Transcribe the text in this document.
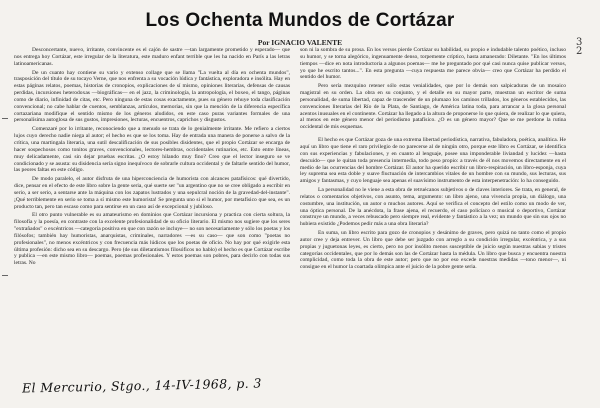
Los Ochenta Mundos de Cortázar
Por IGNACIO VALENTE

Desconcertante, nuevo, irritante, convincente es el cajón de sastre —tan largamente prometido y esperado— que nos entrega hoy Cortázar, este irregular de la literatura, este maduro enfant terrible que les ha nacido en París a las letras latinoamericanas.

De un cuanto hay contiene su vario y extenso collage que se llama "La vuelta al día en ochenta mundos", trasposición del título de su tocayo Verne, que nos enfrenta a su vocación lúdica y fantástica, exploradora e insólita. Hay en estas páginas relatos, poemas, historias de cronopios, explicaciones de sí mismo, opiniones literarias, defensas de causas perdidas, incursiones heterodoxas —biográficas— en el jazz, la criminología, la antropología, el boxeo, el tango, páginas como de diario, infinidad de citas, etc. Pero ninguna de estas cosas exactamente, pues su género rehuye toda clasificación convencional; no cabe hablar de cuentos, semblanzas, artículos, memorias, sin que la mención de la diferencia específica cortazariana modifique el sentido mismo de los géneros aludidos, en este caso puras variantes formales de una personalísima autoglosa de sus gustos, impresiones, lecturas, encuentros, caprichos y disgustos.

Comenzaré por lo irritante, reconociendo que a menudo se trata de lo genialmente irritante. Me refiero a ciertos lujos cuyo derecho nadie niega al autor; el hecho es que se los toma. Hay de entrada una manera de ponerse a salvo de la crítica, una martingala literaria, una sutil descalificación de sus posibles disidentes, que el propio Cortázar se encarga de hacer sospechosos como tonitos graves, convencionales, lectores-hembras, occidentales rutinarios, etc. Esto entre líneas, muy delicadamente, casi sin dejar pruebas escritas. ¿O estoy hilando muy fino? Creo que el lector inseguro se ve condicionado y se asusta: su disidencia sería signo inequívoco de sobrarle cultura occidental y de faltarle sentido del humor, las peores faltas en este código.

De modo paralelo, el autor disfruta de una hiperconciencia de humorista con alcances patafísicos: qué divertido, dice, pensar en el efecto de este libro sobre la gente seria, qué suerte ser "un argentino que no se cree obligado a escribir en serio, a ser serio, a sentarse ante la máquina con los zapatos lustrados y una sepulcral noción de la gravedad-del-instante". ¡Qué terriblemente en serio se toma a sí mismo este humorista! Se pregunta uno si el humor, por metafísico que sea, es un producto tan, pero tan escaso como para sentirse en un caso así de excepcional y jubiloso.

El otro punto vulnerable es su amateurismo en dominios que Cortázar incursiona y practica con cierta soltura, la filosofía y la poesía, en contraste con la excelente profesionalidad de su oficio literario. El mismo nos sugiere que los seres "extrañados" o excéntricos —categoría positiva en que con razón se incluye— no son necesariamente y sólo los poetas y los filósofos; también hay humoristas, anarquistas, criminales, narradores —es su caso— que son como "poetas no profesionales", no menos excéntricos y con frecuencia más lúdicos que los poetas de oficio. No hay por qué exigirle esta última profesión: dicho sea en su descargo. Pero (de sus diletantismos filosóficos no hablo) el hecho es que Cortázar escribe y publica —en este mismo libro— poemas, poemas profesionales. Y estos poemas son pobres, para decirlo con todas sus letras. No

son ni la sombra de su prosa. En los versos pierde Cortázar su habilidad, su propio e indudable talento poético, incluso su humor, y se torna alegórico, ingenuamente denso, torpemente críptico, hasta amanerado: Diletante. "En los últimos tiempos —dice en nota introductoria a algunos poemas— me he preguntado por qué casi nunca quise publicar versos, yo que he escrito tantos...". En esta pregunta —cuya respuesta me parece obvia— creo que Cortázar ha perdido el sentido del humor.

Pero sería mezquino retener sólo estas venialidades, que por lo demás son salpicaduras de un mosaico magistral en su orden. La obra en su conjunto, y el detalle en su mayor parte, muestran un escritor de suma personalidad, de suma libertad, capaz de trascender de un plumazo los caminos trillados, los géneros establecidos, las convenciones literarias del Río de la Plata, de Santiago, de América latina toda, para arrancar a la glosa personal acentos inusuales en el continente. Cortázar ha llegado a la altura de proponerse lo que quiera, de realizar lo que quiera, al menos en este género menor del periodismo patafísico. ¿O es un género mayor? Que se me perdone la rutina occidental de mis esquemas.

El hecho es que Cortázar goza de una extrema libertad periodística, narrativa, fabuladora, poética, analítica. He aquí un libro que tiene el raro privilegio de no parecerse al de ningún otro, porque este libro es Cortázar, se identifica con sus experiencias y fabulaciones, y en cuanto al lenguaje, posee una imponderable liviandad y lucidez —hasta descuido— que le quitan toda presencia intermedia, todo peso propio: a través de él nos movemos directamente en el medio de las ocurrencias del hombre Cortázar. El autor ha querido escribir un libro-respiración, un libro-esponja, cuya ley suprema sea esta doble y suave fluctuación de intercambios vitales de un hombre con su mundo, sus lecturas, sus amigos y fantasmas, y cuyo lenguaje sea apenas el suavísimo instrumento de esta interpenetración: lo ha conseguido.

La personalidad no le viene a esta obra de retruécanos subjetivos o de claves interiores. Se trata, en general, de relatos o comentarios objetivos, con asunto, tema, argumento: un libro ajeno, una vivencia propia, un diálogo, una costumbre, una institución, un autor o muchos autores. Aquí se verifica el concepto del estilo como un modo de ver, una óptica personal. De la anécdota, la frase ajena, el recuerdo, el caso policíaco o musical o deportivo, Cortázar construye un mundo, a veces rebuscado pero siempre real, evidente y fantástico a la vez; un mundo que sin sus ojos no hubiera existido ¿Podemos pedir más a una obra literaria?

En suma, un libro escrito para gozo de cronopios y desánimo de graves, pero quizá no tanto como el propio autor cree y deja entrever. Un libro que debe ser juzgado con arreglo a su condición irregular, excéntrica, y a sus propias y juguetonas leyes, es cierto, pero no por insólito menos susceptible de juicio según nuestras sabias y tristes categorías occidentales, que por lo demás son las de Cortázar hasta la médula. Un libro que busca y encuentra nuestra complicidad, como toda la obra de este autor; pero que no por eso excede nuestras medidas —tono menor—, ni consigue en el humor la coartada olímpica ante el juicio de la pobre gente seria.

El Mercurio, Stgo., 14-IV-1968, p. 3
3
2
